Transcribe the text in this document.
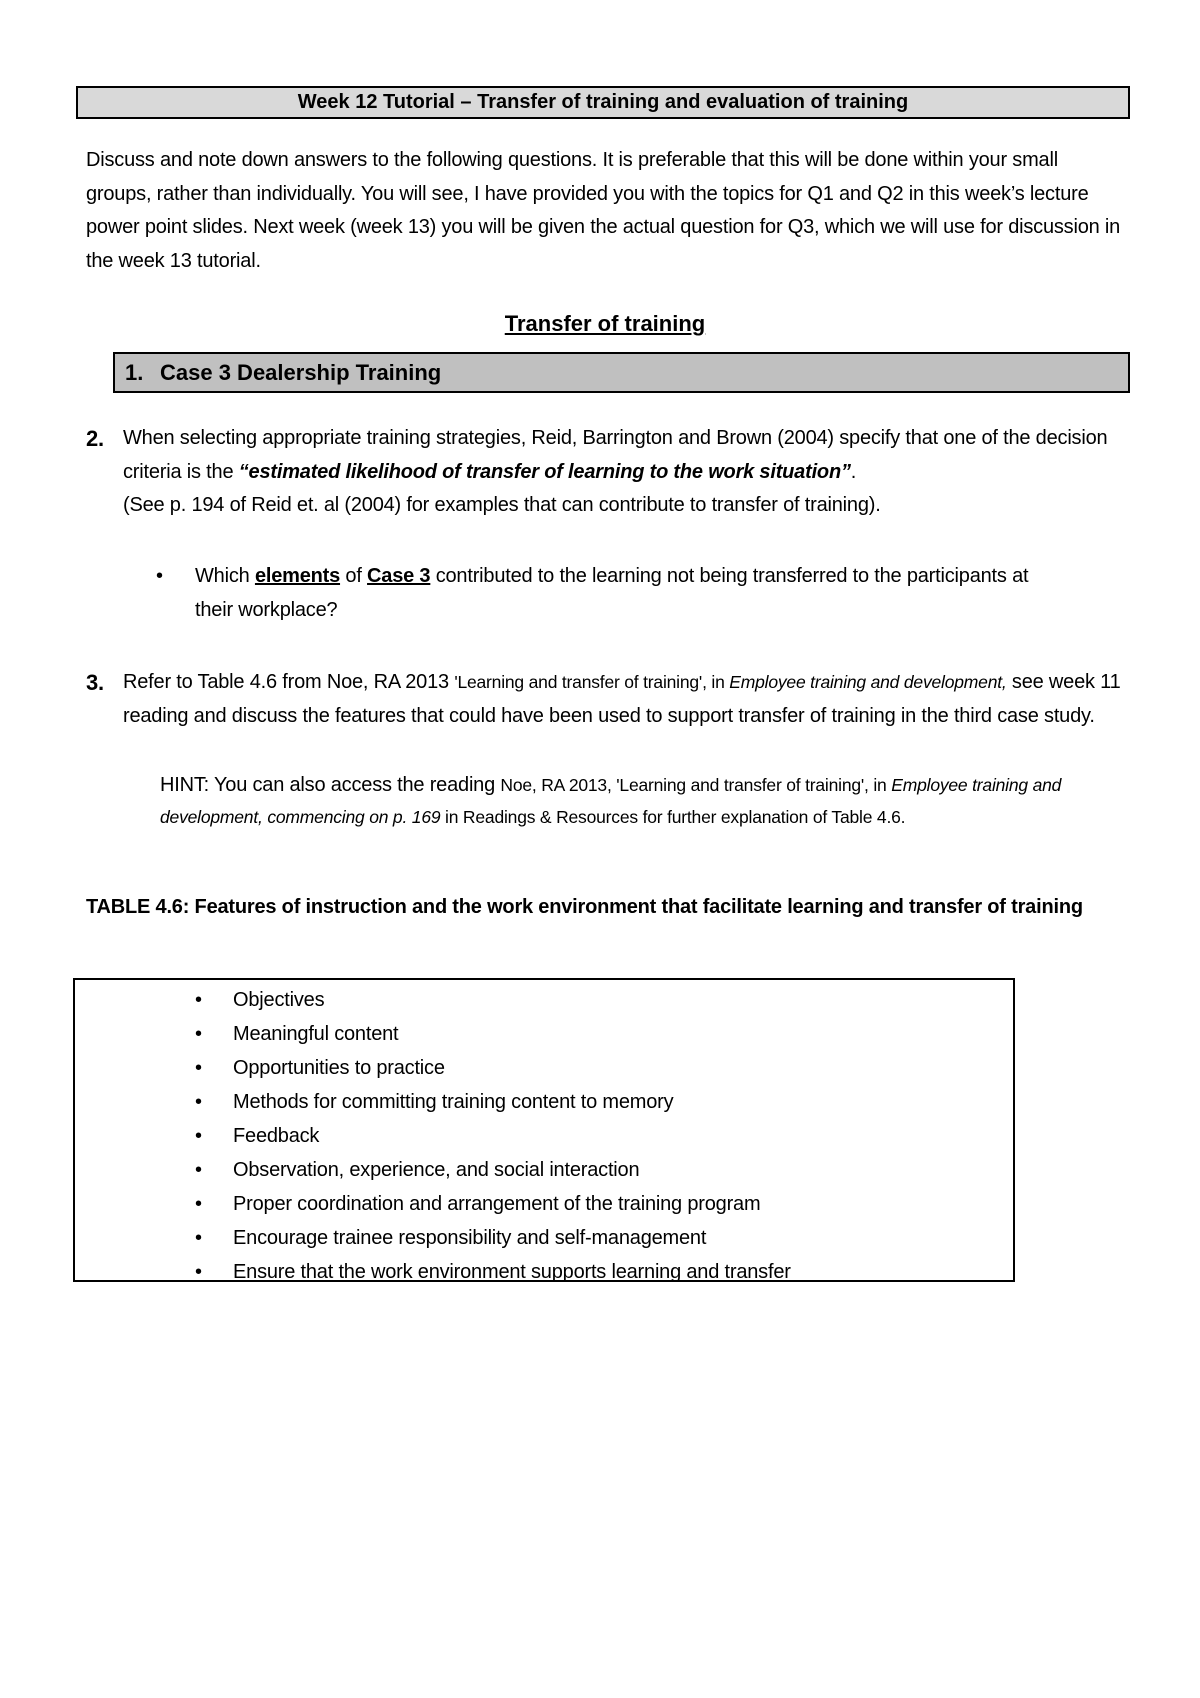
Week 12 Tutorial – Transfer of training and evaluation of training
Discuss and note down answers to the following questions. It is preferable that this will be done within your small groups, rather than individually. You will see, I have provided you with the topics for Q1 and Q2 in this week’s lecture power point slides. Next week (week 13) you will be given the actual question for Q3, which we will use for discussion in the week 13 tutorial.
Transfer of training
1. Case 3 Dealership Training
2. When selecting appropriate training strategies, Reid, Barrington and Brown (2004) specify that one of the decision criteria is the “estimated likelihood of transfer of learning to the work situation”.
(See p. 194 of Reid et. al (2004) for examples that can contribute to transfer of training).
• Which elements of Case 3 contributed to the learning not being transferred to the participants at their workplace?
3. Refer to Table 4.6 from Noe, RA 2013 'Learning and transfer of training', in Employee training and development, see week 11 reading and discuss the features that could have been used to support transfer of training in the third case study.
HINT: You can also access the reading Noe, RA 2013, 'Learning and transfer of training', in Employee training and development, commencing on p. 169 in Readings & Resources for further explanation of Table 4.6.
TABLE 4.6: Features of instruction and the work environment that facilitate learning and transfer of training
• Objectives
• Meaningful content
• Opportunities to practice
• Methods for committing training content to memory
• Feedback
• Observation, experience, and social interaction
• Proper coordination and arrangement of the training program
• Encourage trainee responsibility and self-management
• Ensure that the work environment supports learning and transfer
